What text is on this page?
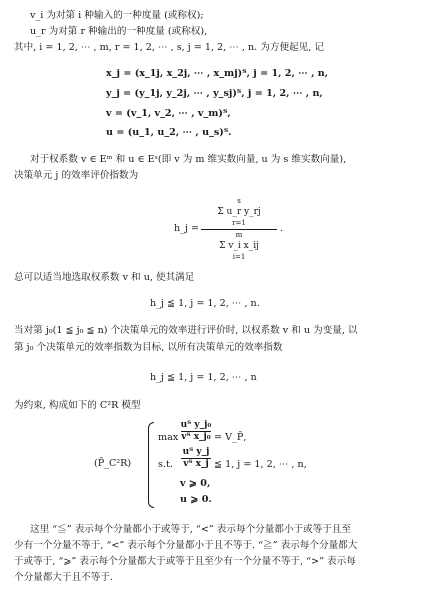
v_i 为对第 i 种输入的一种度量 (或称权);
u_r 为对第 r 种输出的一种度量 (或称权),
其中, i = 1, 2, ⋯ , m, r = 1, 2, ⋯ , s, j = 1, 2, ⋯ , n. 为方便起见, 记
x_j = (x_1j, x_2j, ⋯ , x_mj)ᵀ, j = 1, 2, ⋯ , n,
y_j = (y_1j, y_2j, ⋯ , y_sj)ᵀ, j = 1, 2, ⋯ , n,
v = (v_1, v_2, ⋯ , v_m)ᵀ,
u = (u_1, u_2, ⋯ , u_s)ᵀ.
对于权系数 v ∈ Eᵐ 和 u ∈ Eˢ(即 v 为 m 维实数向量, u 为 s 维实数向量),
决策单元 j 的效率评价指数为
h_j =
s
Σ u_r y_rj
r=1
m
Σ v_i x_ij
i=1
.
总可以适当地选取权系数 v 和 u, 使其满足
h_j ≦ 1, j = 1, 2, ⋯ , n.
当对第 j₀(1 ≦ j₀ ≦ n) 个决策单元的效率进行评价时, 以权系数 v 和 u 为变量, 以
第 j₀ 个决策单元的效率指数为目标, 以所有决策单元的效率指数
h_j ≦ 1, j = 1, 2, ⋯ , n
为约束, 构成如下的 C²R 模型
(P̄_C²R)
max
uᵀ y_j₀
vᵀ x_j₀ = V_P̄,
s.t.
uᵀ y_j
vᵀ x_j ≦ 1, j = 1, 2, ⋯ , n,
v ⩾ 0,
u ⩾ 0.
这里 “≦” 表示每个分量都小于或等于, “<” 表示每个分量都小于或等于且至
少有一个分量不等于, “<” 表示每个分量都小于且不等于. “≧” 表示每个分量都大
于或等于, “⩾” 表示每个分量都大于或等于且至少有一个分量不等于, “>” 表示每
个分量都大于且不等于.
